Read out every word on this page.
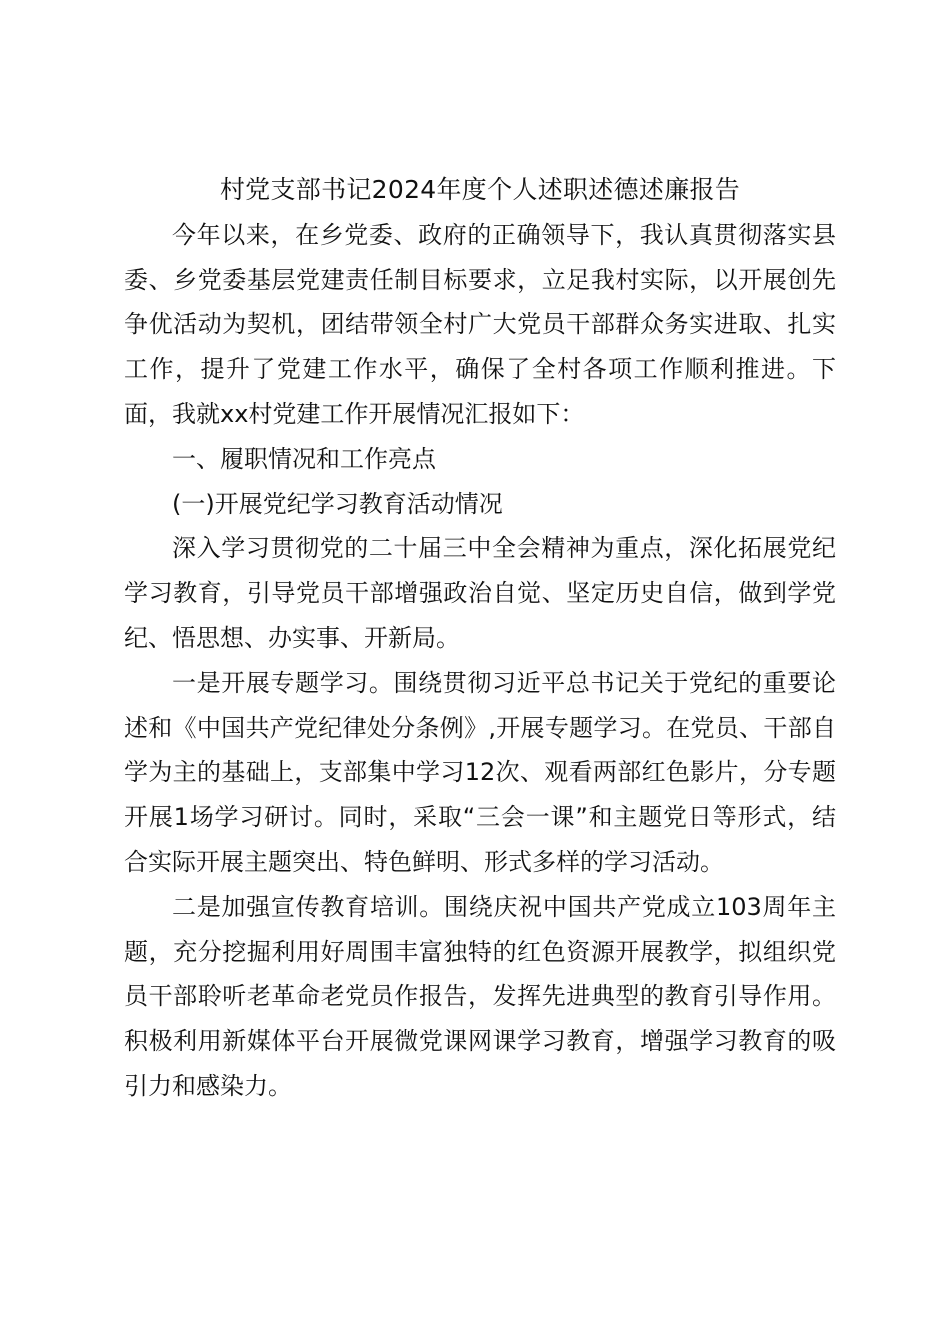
村党支部书记2024年度个人述职述德述廉报告

今年以来，在乡党委、政府的正确领导下，我认真贯彻落实县委、乡党委基层党建责任制目标要求，立足我村实际，以开展创先争优活动为契机，团结带领全村广大党员干部群众务实进取、扎实工作，提升了党建工作水平，确保了全村各项工作顺利推进。下面，我就xx村党建工作开展情况汇报如下：

一、履职情况和工作亮点

(一)开展党纪学习教育活动情况

深入学习贯彻党的二十届三中全会精神为重点，深化拓展党纪学习教育，引导党员干部增强政治自觉、坚定历史自信，做到学党纪、悟思想、办实事、开新局。

一是开展专题学习。围绕贯彻习近平总书记关于党纪的重要论述和《中国共产党纪律处分条例》,开展专题学习。在党员、干部自学为主的基础上，支部集中学习12次、观看两部红色影片，分专题开展1场学习研讨。同时，采取“三会一课”和主题党日等形式，结合实际开展主题突出、特色鲜明、形式多样的学习活动。

二是加强宣传教育培训。围绕庆祝中国共产党成立103周年主题，充分挖掘利用好周围丰富独特的红色资源开展教学，拟组织党员干部聆听老革命老党员作报告，发挥先进典型的教育引导作用。积极利用新媒体平台开展微党课网课学习教育，增强学习教育的吸引力和感染力。
